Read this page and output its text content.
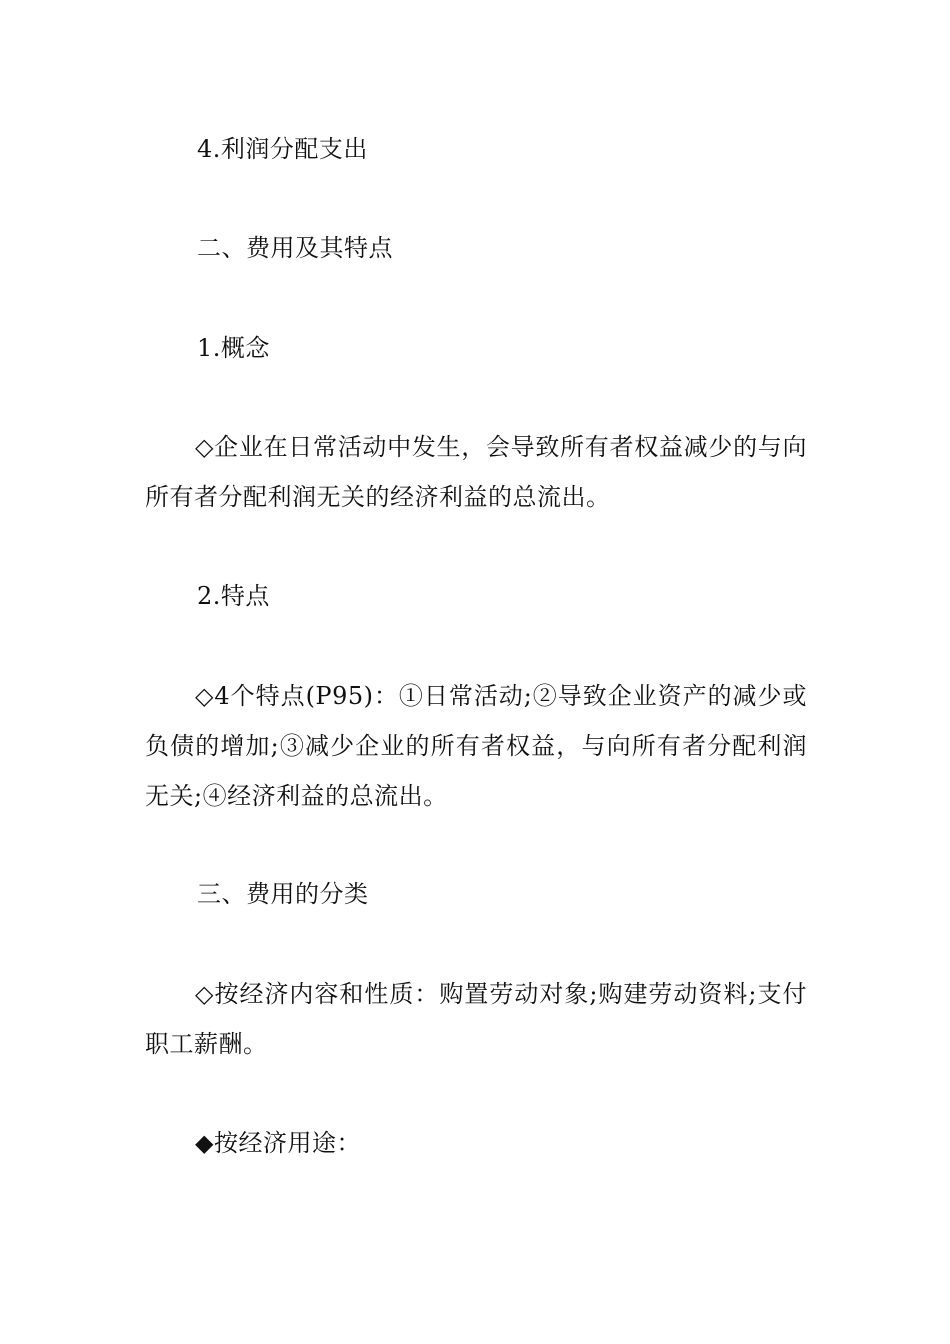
4.利润分配支出

二、费用及其特点

1.概念

◇企业在日常活动中发生，会导致所有者权益减少的与向所有者分配利润无关的经济利益的总流出。

2.特点

◇4个特点(P95)：①日常活动;②导致企业资产的减少或负债的增加;③减少企业的所有者权益，与向所有者分配利润无关;④经济利益的总流出。

三、费用的分类

◇按经济内容和性质：购置劳动对象;购建劳动资料;支付职工薪酬。

◆按经济用途：
